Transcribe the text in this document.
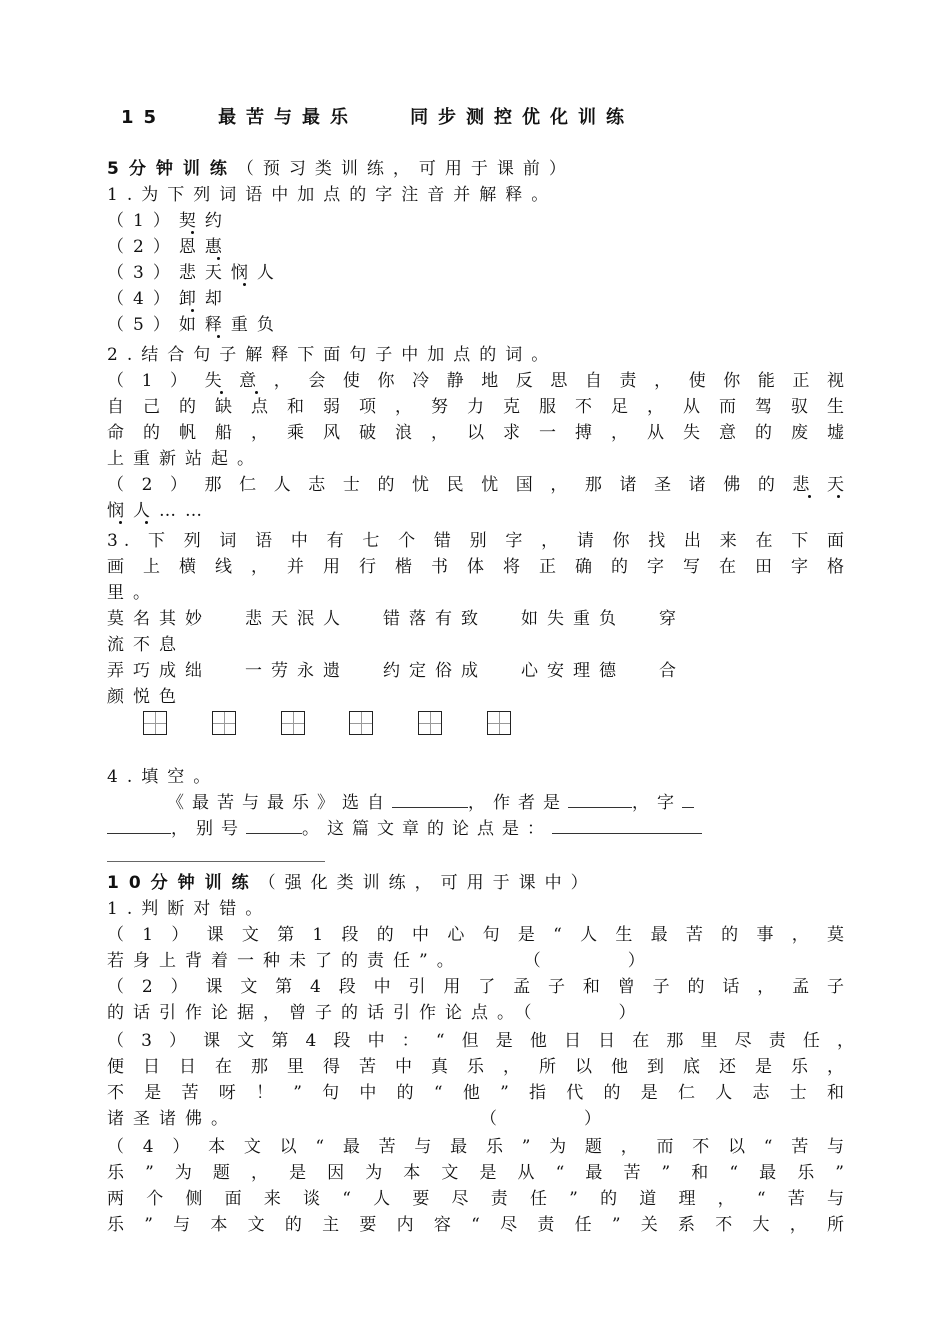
15	最苦与最乐	同步测控优化训练
5分钟训练（预习类训练，可用于课前）
1.为下列词语中加点的字注音并解释。
（1）契约
（2）恩惠
（3）悲天悯人
（4）卸却
（5）如释重负
2.结合句子解释下面句子中加点的词。
（1）失意，会使你冷静地反思自责，使你能正视
自己的缺点和弱项，努力克服不足，从而驾驭生
命的帆船，乘风破浪，以求一搏，从失意的废墟
上重新站起。
（2）那仁人志士的忧民忧国，那诸圣诸佛的悲天
悯人……
3.下列词语中有七个错别字，请你找出来在下面
画上横线，并用行楷书体将正确的字写在田字格
里。
莫名其妙 悲天泯人 错落有致 如失重负 穿
流不息
弄巧成绌 一劳永遗 约定俗成 心安理德 合
颜悦色
4.填空。
《最苦与最乐》选自	，作者是	，字
，别号	。这篇文章的论点是：
10分钟训练（强化类训练，可用于课中）
1.判断对错。
（1）课文第1段的中心句是“人生最苦的事，莫
若身上背着一种未了的责任”。　　　（　　　）
（2）课文第4段中引用了孟子和曾子的话，孟子
的话引作论据，曾子的话引作论点。（　　　）
（3）课文第4段中：“但是他日日在那里尽责任，
便日日在那里得苦中真乐，所以他到底还是乐，
不是苦呀！”句中的“他”指代的是仁人志士和
诸圣诸佛。　　　　　　　　　　（　　　）
（4）本文以“最苦与最乐”为题，而不以“苦与
乐”为题，是因为本文是从“最苦”和“最乐”
两个侧面来谈“人要尽责任”的道理，“苦与
乐”与本文的主要内容“尽责任”关系不大，所
